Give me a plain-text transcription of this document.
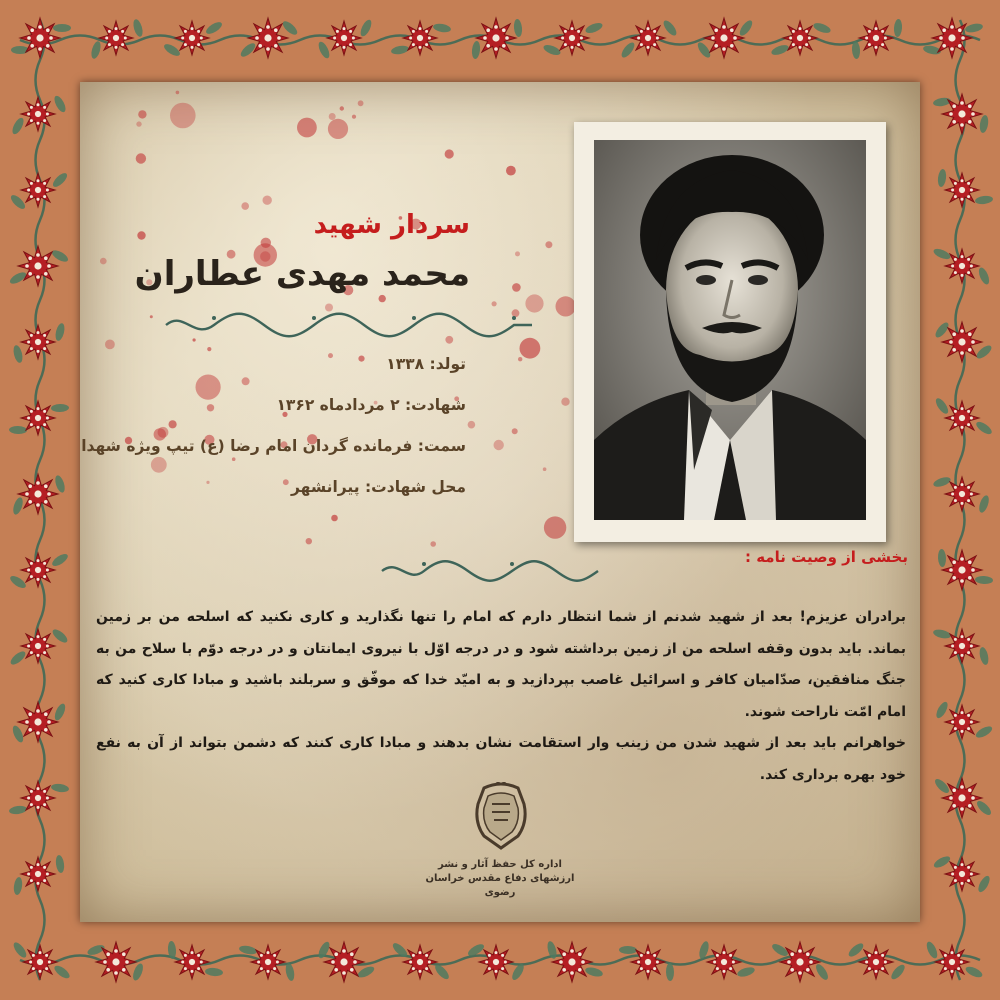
سردار شهید
محمد مهدی عطاران
تولد: ۱۳۳۸
شهادت: ۲ مردادماه ۱۳۶۲
سمت: فرمانده گردان امام رضا (ع) تیپ ویژه شهدا
محل شهادت: پیرانشهر
بخشی از وصیت نامه :

برادران عزیزم! بعد از شهید شدنم از شما انتظار دارم که امام را تنها نگذارید و کاری نکنید که اسلحه من بر زمین بماند. باید بدون وقفه اسلحه من از زمین برداشته شود و در درجه اوّل با نیروی ایمانتان و در درجه دوّم با سلاح من به جنگ منافقین، صدّامیان کافر و اسرائیل غاصب بپردازید و به امیّد خدا که موفّق و سربلند باشید و مبادا کاری کنید که امام امّت ناراحت شوند.

خواهرانم باید بعد از شهید شدن من زینب وار استقامت نشان بدهند و مبادا کاری کنند که دشمن بتواند از آن به نفع خود بهره برداری کند.

اداره کل حفظ آثار و نشر
ارزشهای دفاع مقدس خراسان
رضوی
